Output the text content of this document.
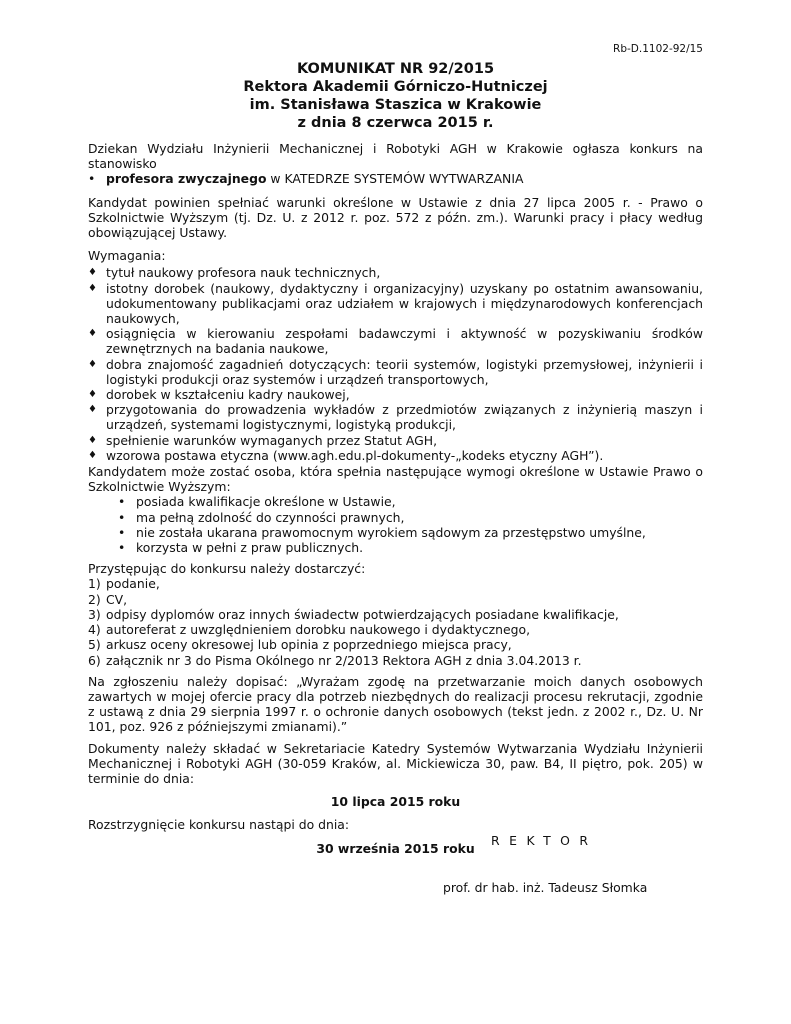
Rb-D.1102-92/15
KOMUNIKAT NR 92/2015
Rektora Akademii Górniczo-Hutniczej
im. Stanisława Staszica w Krakowie
z dnia 8 czerwca 2015 r.

Dziekan Wydziału Inżynierii Mechanicznej i Robotyki AGH w Krakowie ogłasza konkurs na stanowisko

• profesora zwyczajnego w KATEDRZE SYSTEMÓW WYTWARZANIA

Kandydat powinien spełniać warunki określone w Ustawie z dnia 27 lipca 2005 r. - Prawo o Szkolnictwie Wyższym (tj. Dz. U. z 2012 r. poz. 572 z późn. zm.). Warunki pracy i płacy według obowiązującej Ustawy.

Wymagania:

♦ tytuł naukowy profesora nauk technicznych,
♦ istotny dorobek (naukowy, dydaktyczny i organizacyjny) uzyskany po ostatnim awansowaniu, udokumentowany publikacjami oraz udziałem w krajowych i międzynarodowych konferencjach naukowych,
♦ osiągnięcia w kierowaniu zespołami badawczymi i aktywność w pozyskiwaniu środków zewnętrznych na badania naukowe,
♦ dobra znajomość zagadnień dotyczących: teorii systemów, logistyki przemysłowej, inżynierii i logistyki produkcji oraz systemów i urządzeń transportowych,
♦ dorobek w kształceniu kadry naukowej,
♦ przygotowania do prowadzenia wykładów z przedmiotów związanych z inżynierią maszyn i urządzeń, systemami logistycznymi, logistyką produkcji,
♦ spełnienie warunków wymaganych przez Statut AGH,
♦ wzorowa postawa etyczna (www.agh.edu.pl-dokumenty-„kodeks etyczny AGH”).

Kandydatem może zostać osoba, która spełnia następujące wymogi określone w Ustawie Prawo o Szkolnictwie Wyższym:

• posiada kwalifikacje określone w Ustawie,
• ma pełną zdolność do czynności prawnych,
• nie została ukarana prawomocnym wyrokiem sądowym za przestępstwo umyślne,
• korzysta w pełni z praw publicznych.

Przystępując do konkursu należy dostarczyć:

1) podanie,
2) CV,
3) odpisy dyplomów oraz innych świadectw potwierdzających posiadane kwalifikacje,
4) autoreferat z uwzględnieniem dorobku naukowego i dydaktycznego,
5) arkusz oceny okresowej lub opinia z poprzedniego miejsca pracy,
6) załącznik nr 3 do Pisma Okólnego nr 2/2013 Rektora AGH z dnia 3.04.2013 r.

Na zgłoszeniu należy dopisać: „Wyrażam zgodę na przetwarzanie moich danych osobowych zawartych w mojej ofercie pracy dla potrzeb niezbędnych do realizacji procesu rekrutacji, zgodnie z ustawą z dnia 29 sierpnia 1997 r. o ochronie danych osobowych (tekst jedn. z 2002 r., Dz. U. Nr 101, poz. 926 z późniejszymi zmianami).”

Dokumenty należy składać w Sekretariacie Katedry Systemów Wytwarzania Wydziału Inżynierii Mechanicznej i Robotyki AGH (30-059 Kraków, al. Mickiewicza 30, paw. B4, II piętro, pok. 205) w terminie do dnia:

10 lipca 2015 roku

Rozstrzygnięcie konkursu nastąpi do dnia:

30 września 2015 roku

REKTOR
prof. dr hab. inż. Tadeusz Słomka
